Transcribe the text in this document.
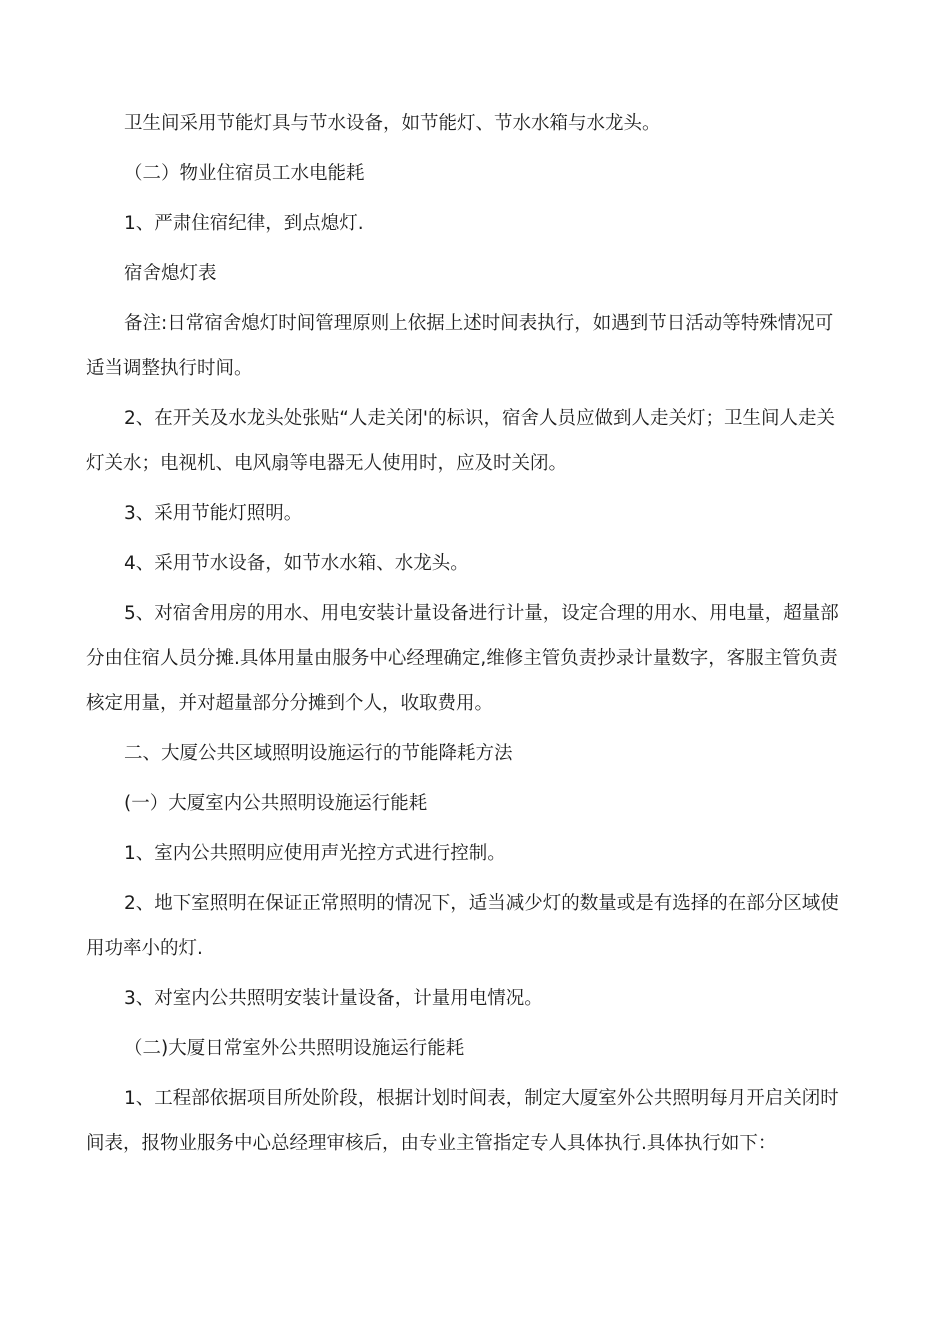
卫生间采用节能灯具与节水设备，如节能灯、节水水箱与水龙头。

（二）物业住宿员工水电能耗

1、严肃住宿纪律，到点熄灯.

宿舍熄灯表

备注:日常宿舍熄灯时间管理原则上依据上述时间表执行，如遇到节日活动等特殊情况可
适当调整执行时间。

2、在开关及水龙头处张贴“人走关闭'的标识，宿舍人员应做到人走关灯；卫生间人走关
灯关水；电视机、电风扇等电器无人使用时，应及时关闭。

3、采用节能灯照明。

4、采用节水设备，如节水水箱、水龙头。

5、对宿舍用房的用水、用电安装计量设备进行计量，设定合理的用水、用电量，超量部
分由住宿人员分摊.具体用量由服务中心经理确定,维修主管负责抄录计量数字，客服主管负责
核定用量，并对超量部分分摊到个人，收取费用。

二、大厦公共区域照明设施运行的节能降耗方法

(一）大厦室内公共照明设施运行能耗

1、室内公共照明应使用声光控方式进行控制。

2、地下室照明在保证正常照明的情况下，适当减少灯的数量或是有选择的在部分区域使
用功率小的灯.

3、对室内公共照明安装计量设备，计量用电情况。

（二)大厦日常室外公共照明设施运行能耗

1、工程部依据项目所处阶段，根据计划时间表，制定大厦室外公共照明每月开启关闭时
间表，报物业服务中心总经理审核后，由专业主管指定专人具体执行.具体执行如下：
